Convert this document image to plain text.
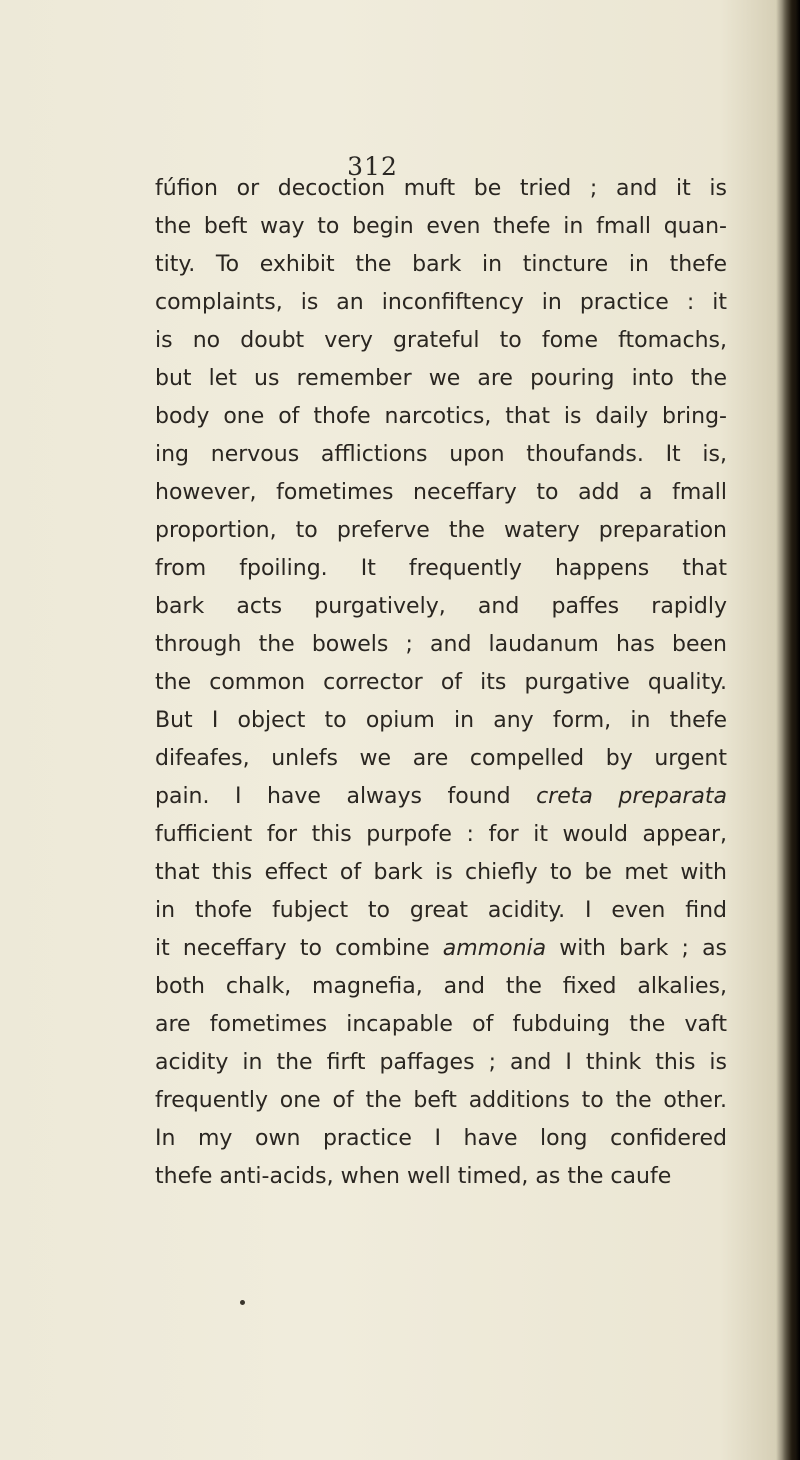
312
fúfion or decoction muft be tried ; and it is
the beft way to begin even thefe in fmall quan-
tity. To exhibit the bark in tincture in thefe
complaints, is an inconfiftency in practice : it
is no doubt very grateful to fome ftomachs,
but let us remember we are pouring into the
body one of thofe narcotics, that is daily bring-
ing nervous afflictions upon thoufands. It is,
however, fometimes neceffary to add a fmall
proportion, to preferve the watery preparation
from fpoiling. It frequently happens that
bark acts purgatively, and paffes rapidly
through the bowels ; and laudanum has been
the common corrector of its purgative quality.
But I object to opium in any form, in thefe
difeafes, unlefs we are compelled by urgent
pain. I have always found creta preparata
fufficient for this purpofe : for it would appear,
that this effect of bark is chiefly to be met with
in thofe fubject to great acidity. I even find
it neceffary to combine ammonia with bark ; as
both chalk, magnefia, and the fixed alkalies,
are fometimes incapable of fubduing the vaft
acidity in the firft paffages ; and I think this is
frequently one of the beft additions to the other.
In my own practice I have long confidered
thefe anti-acids, when well timed, as the caufe
